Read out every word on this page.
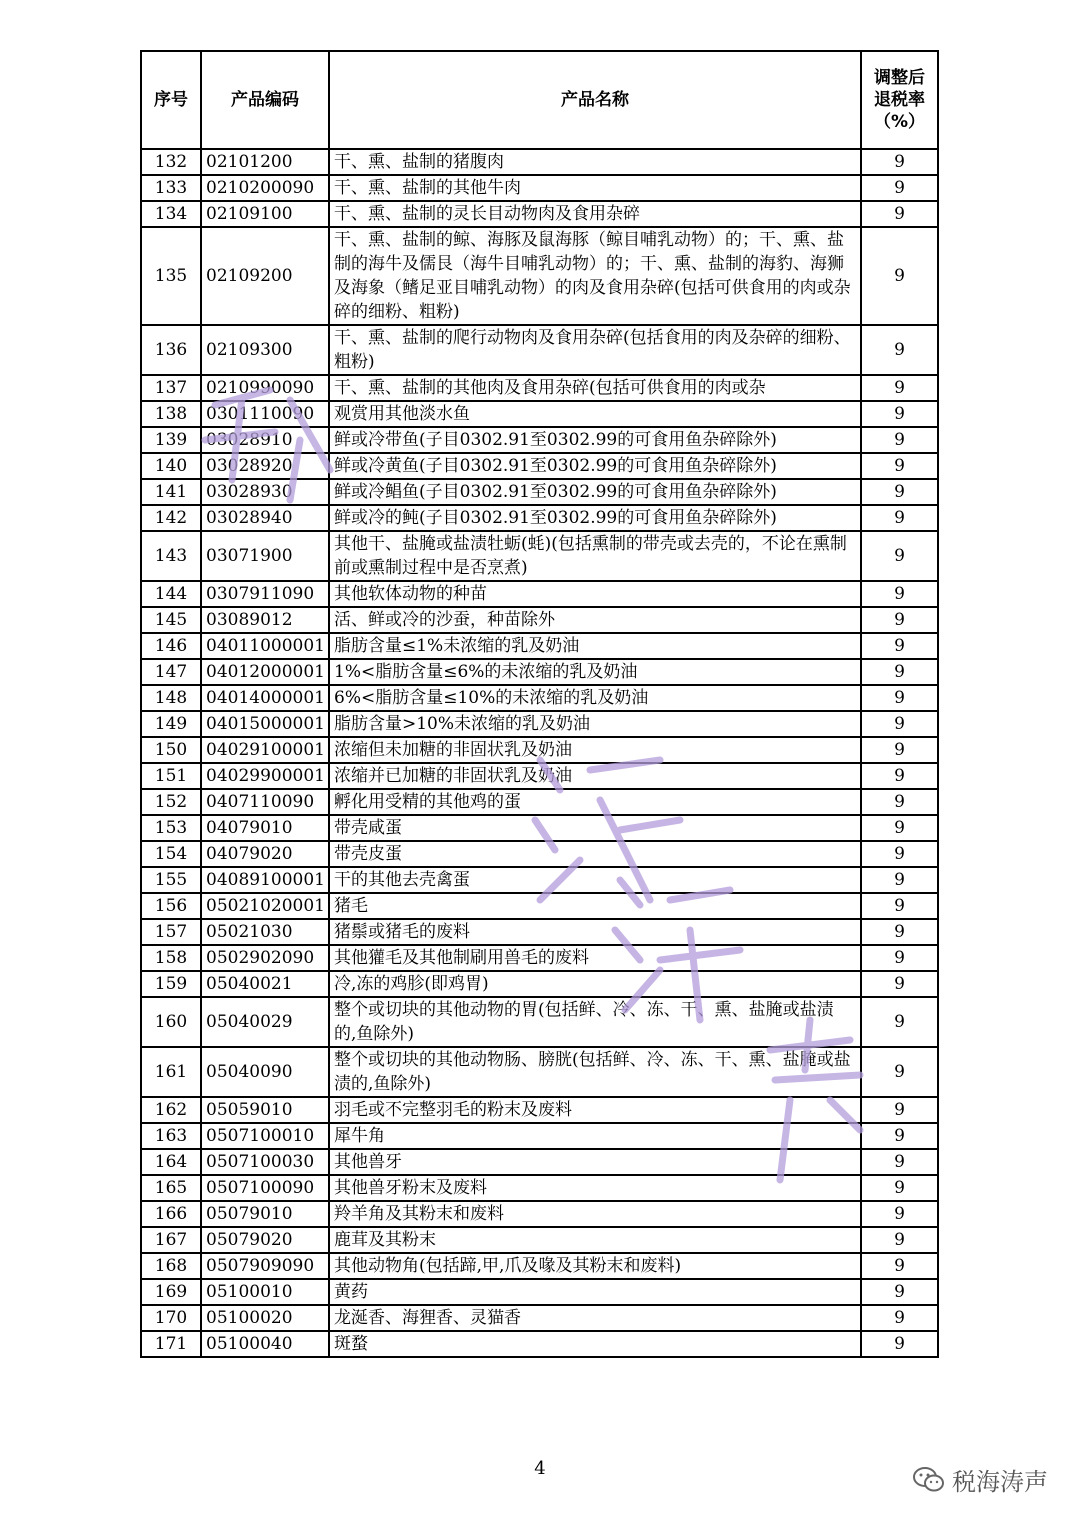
序号	产品编码	产品名称	调整后
退税率
（%）

132	02101200	干、熏、盐制的猪腹肉	9
133	0210200090	干、熏、盐制的其他牛肉	9
134	02109100	干、熏、盐制的灵长目动物肉及食用杂碎	9
135	02109200	干、熏、盐制的鲸、海豚及鼠海豚（鲸目哺乳动物）的；干、熏、盐制的海牛及儒艮（海牛目哺乳动物）的；干、熏、盐制的海豹、海狮及海象（鳍足亚目哺乳动物）的肉及食用杂碎(包括可供食用的肉或杂碎的细粉、粗粉)	9
136	02109300	干、熏、盐制的爬行动物肉及食用杂碎(包括食用的肉及杂碎的细粉、粗粉)	9
137	0210990090	干、熏、盐制的其他肉及食用杂碎(包括可供食用的肉或杂	9
138	0301110090	观赏用其他淡水鱼	9
139	03028910	鲜或冷带鱼(子目0302.91至0302.99的可食用鱼杂碎除外)	9
140	03028920	鲜或冷黄鱼(子目0302.91至0302.99的可食用鱼杂碎除外)	9
141	03028930	鲜或冷鲳鱼(子目0302.91至0302.99的可食用鱼杂碎除外)	9
142	03028940	鲜或冷的鲀(子目0302.91至0302.99的可食用鱼杂碎除外)	9
143	03071900	其他干、盐腌或盐渍牡蛎(蚝)(包括熏制的带壳或去壳的，不论在熏制前或熏制过程中是否烹煮)	9
144	0307911090	其他软体动物的种苗	9
145	03089012	活、鲜或冷的沙蚕，种苗除外	9
146	04011000001	脂肪含量≤1%未浓缩的乳及奶油	9
147	04012000001	1%<脂肪含量≤6%的未浓缩的乳及奶油	9
148	04014000001	6%<脂肪含量≤10%的未浓缩的乳及奶油	9
149	04015000001	脂肪含量>10%未浓缩的乳及奶油	9
150	04029100001	浓缩但未加糖的非固状乳及奶油	9
151	04029900001	浓缩并已加糖的非固状乳及奶油	9
152	0407110090	孵化用受精的其他鸡的蛋	9
153	04079010	带壳咸蛋	9
154	04079020	带壳皮蛋	9
155	04089100001	干的其他去壳禽蛋	9
156	05021020001	猪毛	9
157	05021030	猪鬃或猪毛的废料	9
158	0502902090	其他獾毛及其他制刷用兽毛的废料	9
159	05040021	冷,冻的鸡胗(即鸡胃)	9
160	05040029	整个或切块的其他动物的胃(包括鲜、冷、冻、干、熏、盐腌或盐渍的,鱼除外)	9
161	05040090	整个或切块的其他动物肠、膀胱(包括鲜、冷、冻、干、熏、盐腌或盐渍的,鱼除外)	9
162	05059010	羽毛或不完整羽毛的粉末及废料	9
163	0507100010	犀牛角	9
164	0507100030	其他兽牙	9
165	0507100090	其他兽牙粉末及废料	9
166	05079010	羚羊角及其粉末和废料	9
167	05079020	鹿茸及其粉末	9
168	0507909090	其他动物角(包括蹄,甲,爪及喙及其粉末和废料)	9
169	05100010	黄药	9
170	05100020	龙涎香、海狸香、灵猫香	9
171	05100040	斑蝥	9
4	税海涛声
